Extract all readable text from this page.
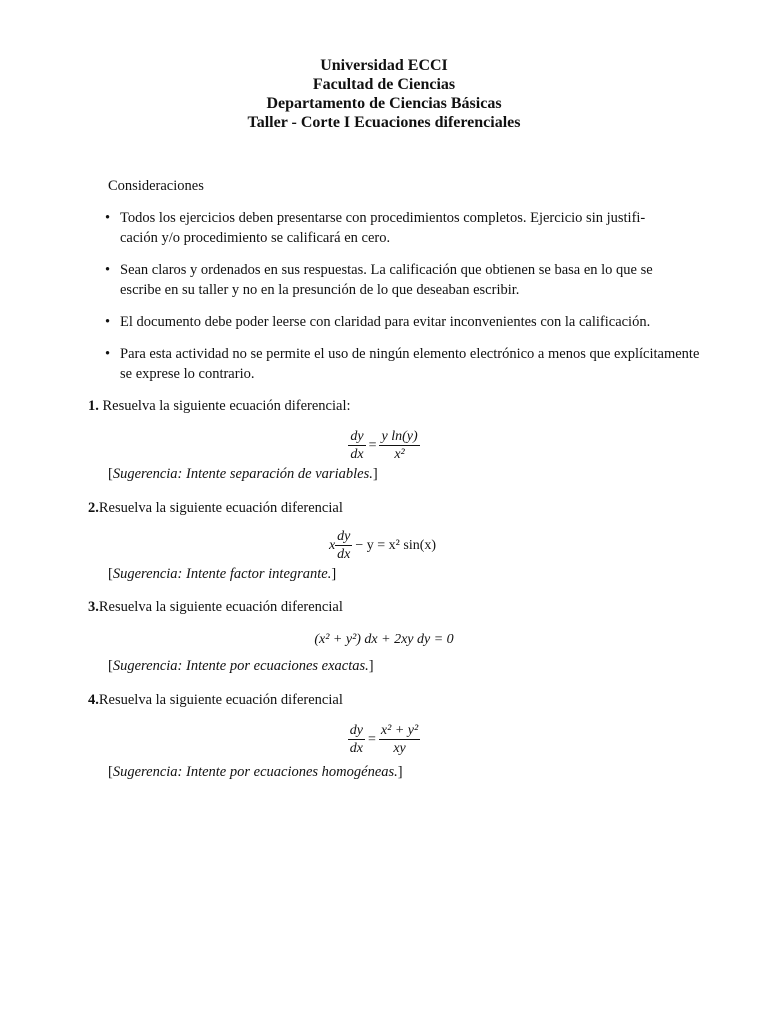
Universidad ECCI
Facultad de Ciencias
Departamento de Ciencias Básicas
Taller - Corte I Ecuaciones diferenciales
Consideraciones
• Todos los ejercicios deben presentarse con procedimientos completos. Ejercicio sin justifi-
cación y/o procedimiento se calificará en cero.
• Sean claros y ordenados en sus respuestas. La calificación que obtienen se basa en lo que se
escribe en su taller y no en la presunción de lo que deseaban escribir.
• El documento debe poder leerse con claridad para evitar inconvenientes con la calificación.
• Para esta actividad no se permite el uso de ningún elemento electrónico a menos que explícitamente
se exprese lo contrario.
1. Resuelva la siguiente ecuación diferencial:
$\frac{dy}{dx} = \frac{\text{y ln(y)}}{\text{x²}}$
[Sugerencia: Intente separación de variables.]
2.Resuelva la siguiente ecuación diferencial
x $\frac{dy}{dx} - y = x^2$ sin(x)
[Sugerencia: Intente factor integrante.]
3.Resuelva la siguiente ecuación diferencial
(x² + y²) dx + 2xy dy = 0
[Sugerencia: Intente por ecuaciones exactas.]
4.Resuelva la siguiente ecuación diferencial
$\frac{dy}{dx} = \frac{\text{x² + y²}}{xy}$
[Sugerencia: Intente por ecuaciones homogéneas.]
